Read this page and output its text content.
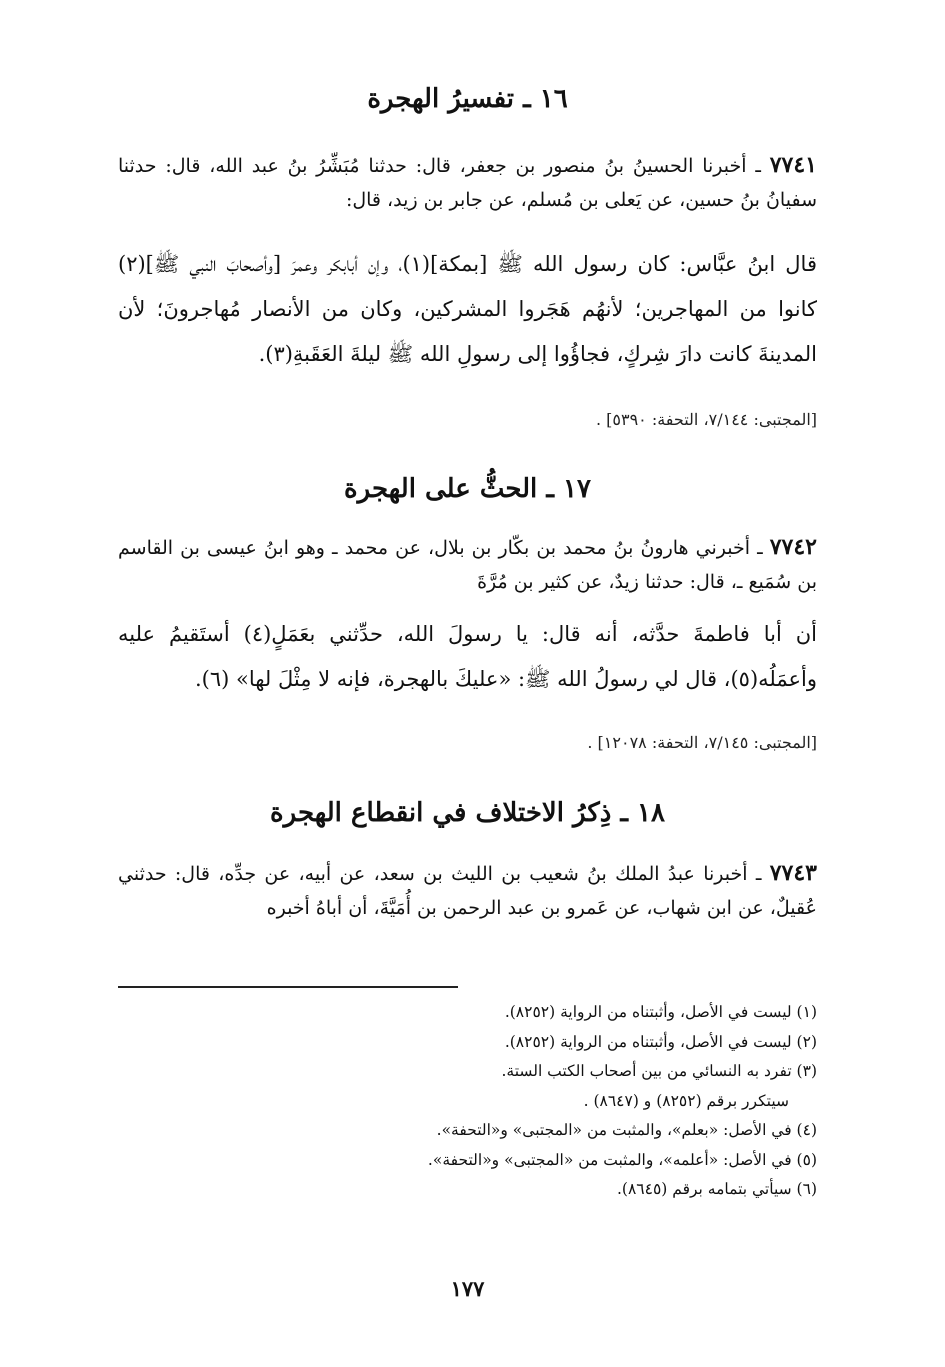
١٦ ـ تفسيرُ الهجرة
٧٧٤١ ـ أخبرنا الحسينُ بنُ منصور بن جعفر، قال: حدثنا مُبَشِّرُ بنُ عبد الله، قال: حدثنا سفيانُ بنُ حسين، عن يَعلى بن مُسلم، عن جابر بن زيد، قال:
قال ابنُ عبَّاس: كان رسول الله ﷺ [بمكة](١)، وإن أبابكر وعمرَ [وأصحابَ النبي ﷺ](٢) كانوا من المهاجرين؛ لأنهُم هَجَروا المشركين، وكان من الأنصار مُهاجرونَ؛ لأن المدينةَ كانت دارَ شِركٍ، فجاؤُوا إلى رسولِ الله ﷺ ليلةَ العَقَبةِ(٣).
[المجتبى: ٧/١٤٤، التحفة: ٥٣٩٠] .
١٧ ـ الحثُّ على الهجرة
٧٧٤٢ ـ أخبرني هارونُ بنُ محمد بن بكّار بن بلال، عن محمد ـ وهو ابنُ عيسى بن القاسم بن سُمَيع ـ، قال: حدثنا زيدٌ، عن كثير بن مُرَّةَ
أن أبا فاطمةَ حدَّثه، أنه قال: يا رسولَ الله، حدِّثني بعَمَلٍ(٤) أستَقيمُ عليه وأعمَلُه(٥)، قال لي رسولُ الله ﷺ: «عليكَ بالهجرة، فإنه لا مِثْلَ لها» (٦).
[المجتبى: ٧/١٤٥، التحفة: ١٢٠٧٨] .
١٨ ـ ذِكرُ الاختلاف في انقطاع الهجرة
٧٧٤٣ ـ أخبرنا عبدُ الملك بنُ شعيب بن الليث بن سعد، عن أبيه، عن جدِّه، قال: حدثني عُقيلٌ، عن ابن شهاب، عن عَمرو بن عبد الرحمن بن أُمَيَّةَ، أن أباهُ أخبره
(١) ليست في الأصل، وأثبتناه من الرواية (٨٢٥٢).
(٢) ليست في الأصل، وأثبتناه من الرواية (٨٢٥٢).
(٣) تفرد به النسائي من بين أصحاب الكتب الستة.
سيتكرر برقم (٨٢٥٢) و (٨٦٤٧) .
(٤) في الأصل: «بعلم»، والمثبت من «المجتبى» و«التحفة».
(٥) في الأصل: «أعلمه»، والمثبت من «المجتبى» و«التحفة».
(٦) سيأتي بتمامه برقم (٨٦٤٥).
١٧٧
